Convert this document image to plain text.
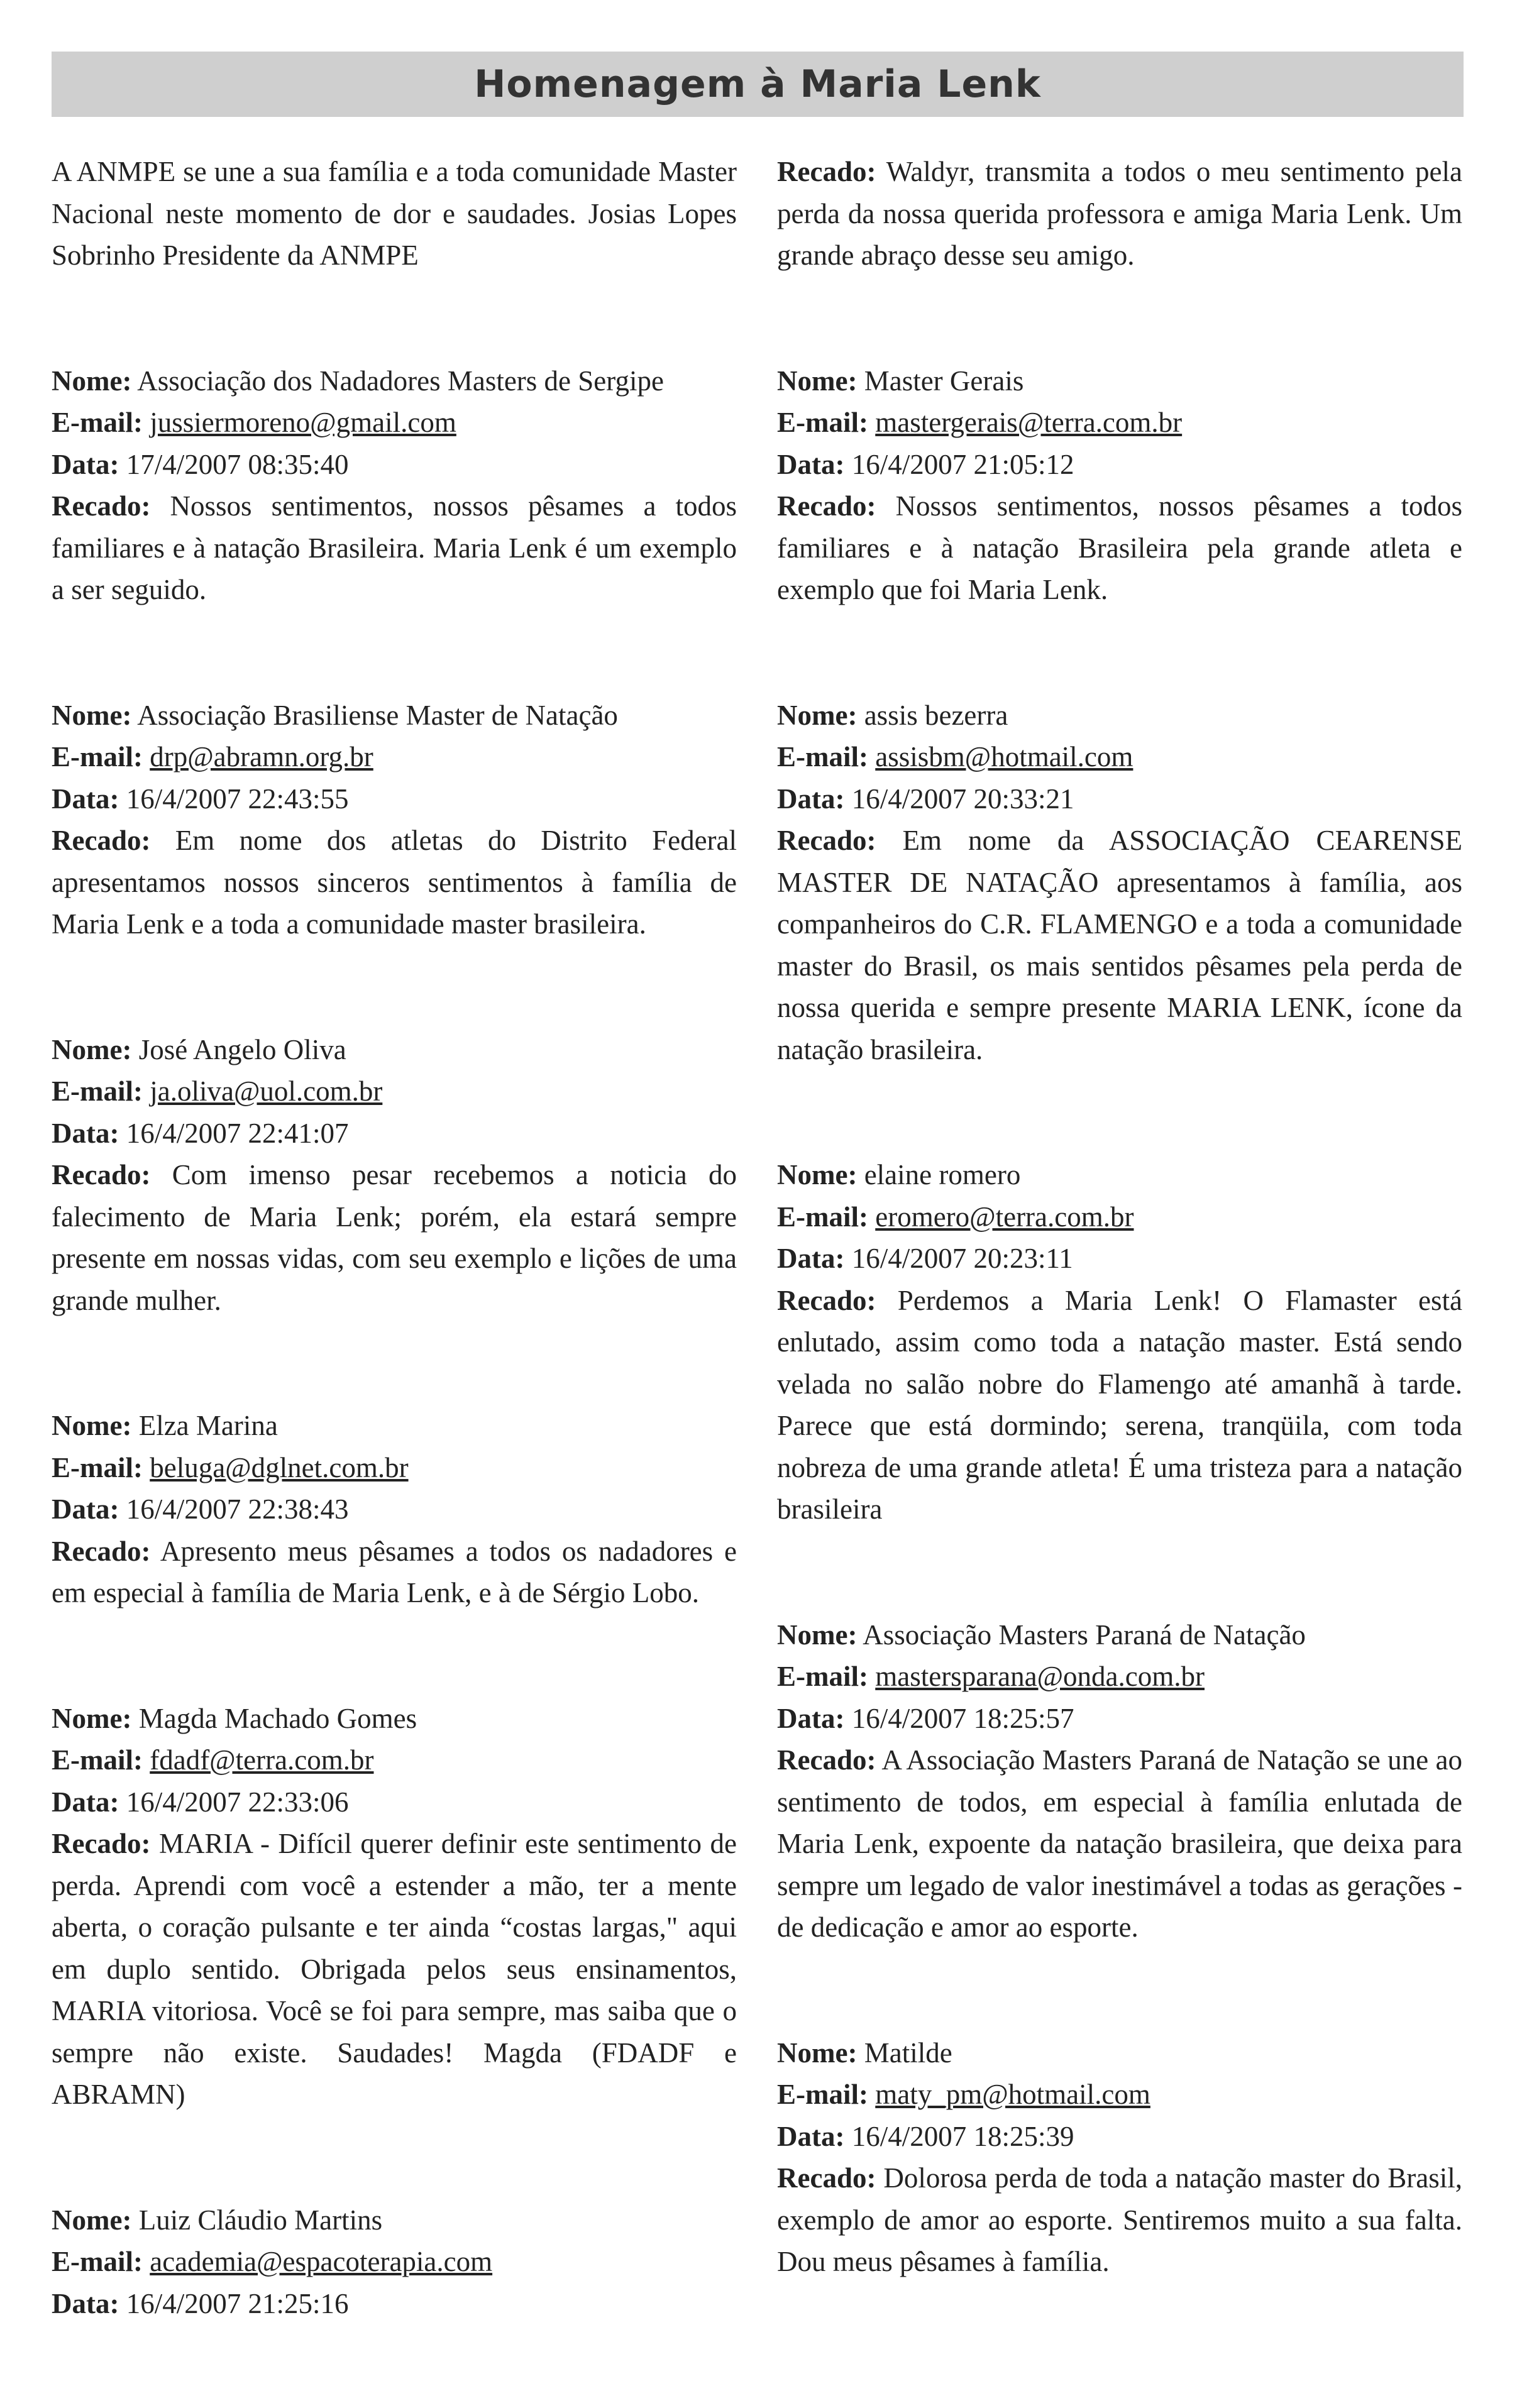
Homenagem à Maria Lenk

A ANMPE se une a sua família e a toda comunidade Master Nacional neste momento de dor e saudades. Josias Lopes Sobrinho Presidente da ANMPE

Nome: Associação dos Nadadores Masters de Sergipe
E-mail: jussiermoreno@gmail.com
Data: 17/4/2007 08:35:40

Recado: Nossos sentimentos, nossos pêsames a todos familiares e à natação Brasileira. Maria Lenk é um exemplo a ser seguido.

Nome: Associação Brasiliense Master de Natação
E-mail: drp@abramn.org.br
Data: 16/4/2007 22:43:55

Recado: Em nome dos atletas do Distrito Federal apresentamos nossos sinceros sentimentos à família de Maria Lenk e a toda a comunidade master brasileira.

Nome: José Angelo Oliva
E-mail: ja.oliva@uol.com.br
Data: 16/4/2007 22:41:07

Recado: Com imenso pesar recebemos a noticia do falecimento de Maria Lenk; porém, ela estará sempre presente em nossas vidas, com seu exemplo e lições de uma grande mulher.

Nome: Elza Marina
E-mail: beluga@dglnet.com.br
Data: 16/4/2007 22:38:43

Recado: Apresento meus pêsames a todos os nadadores e em especial à família de Maria Lenk, e à de Sérgio Lobo.

Nome: Magda Machado Gomes
E-mail: fdadf@terra.com.br
Data: 16/4/2007 22:33:06

Recado: MARIA - Difícil querer definir este sentimento de perda. Aprendi com você a estender a mão, ter a mente aberta, o coração pulsante e ter ainda “costas largas," aqui em duplo sentido. Obrigada pelos seus ensinamentos, MARIA vitoriosa. Você se foi para sempre, mas saiba que o sempre não existe. Saudades! Magda (FDADF e ABRAMN)

Nome: Luiz Cláudio Martins
E-mail: academia@espacoterapia.com
Data: 16/4/2007 21:25:16

Recado: Waldyr, transmita a todos o meu sentimento pela perda da nossa querida professora e amiga Maria Lenk. Um grande abraço desse seu amigo.

Nome: Master Gerais
E-mail: mastergerais@terra.com.br
Data: 16/4/2007 21:05:12

Recado: Nossos sentimentos, nossos pêsames a todos familiares e à natação Brasileira pela grande atleta e exemplo que foi Maria Lenk.

Nome: assis bezerra
E-mail: assisbm@hotmail.com
Data: 16/4/2007 20:33:21

Recado: Em nome da ASSOCIAÇÃO CEARENSE MASTER DE NATAÇÃO apresentamos à família, aos companheiros do C.R. FLAMENGO e a toda a comunidade master do Brasil, os mais sentidos pêsames pela perda de nossa querida e sempre presente MARIA LENK, ícone da natação brasileira.

Nome: elaine romero
E-mail: eromero@terra.com.br
Data: 16/4/2007 20:23:11

Recado: Perdemos a Maria Lenk! O Flamaster está enlutado, assim como toda a natação master. Está sendo velada no salão nobre do Flamengo até amanhã à tarde. Parece que está dormindo; serena, tranqüila, com toda nobreza de uma grande atleta! É uma tristeza para a natação brasileira

Nome: Associação Masters Paraná de Natação
E-mail: mastersparana@onda.com.br
Data: 16/4/2007 18:25:57

Recado: A Associação Masters Paraná de Natação se une ao sentimento de todos, em especial à família enlutada de Maria Lenk, expoente da natação brasileira, que deixa para sempre um legado de valor inestimável a todas as gerações - de dedicação e amor ao esporte.

Nome: Matilde
E-mail: maty_pm@hotmail.com
Data: 16/4/2007 18:25:39

Recado: Dolorosa perda de toda a natação master do Brasil, exemplo de amor ao esporte. Sentiremos muito a sua falta. Dou meus pêsames à família.
